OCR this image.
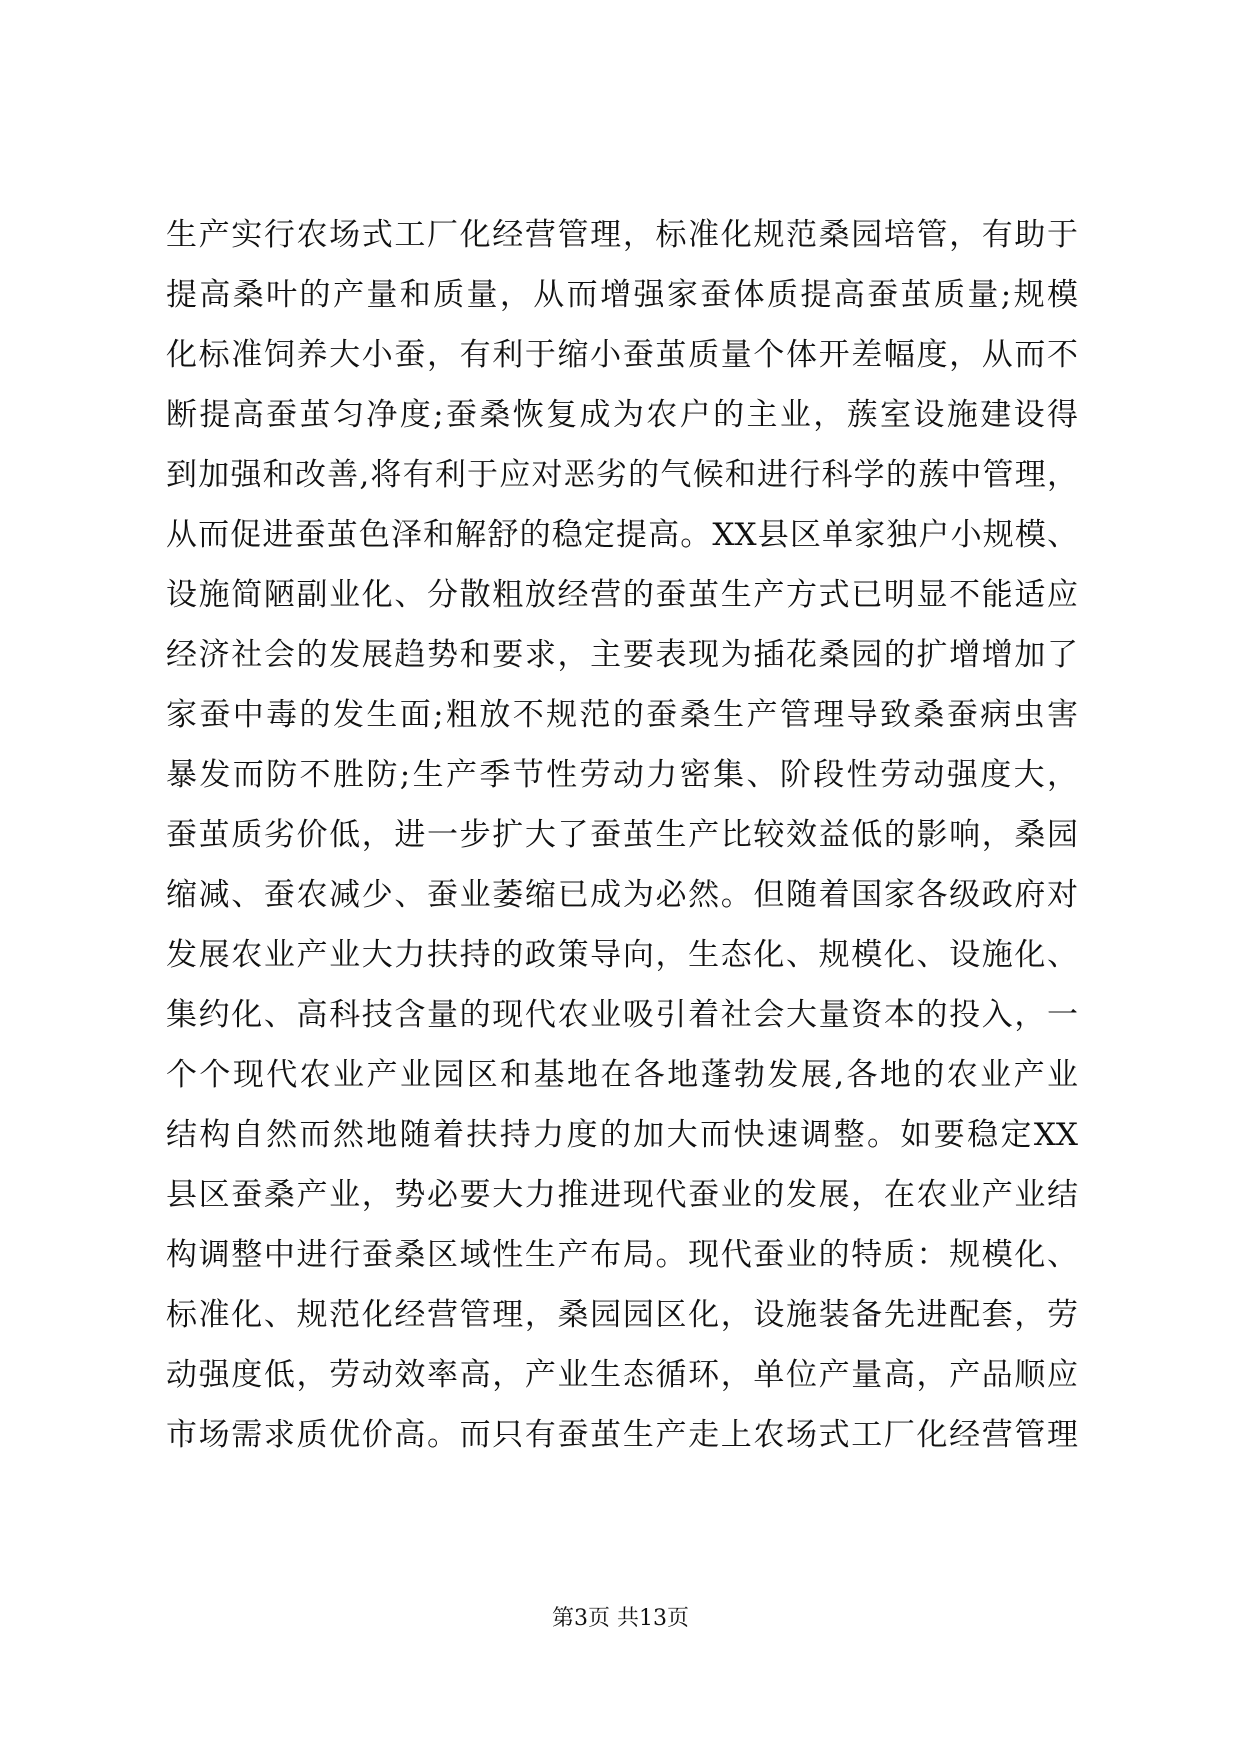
生产实行农场式工厂化经营管理，标准化规范桑园培管，有助于
提高桑叶的产量和质量，从而增强家蚕体质提高蚕茧质量;规模
化标准饲养大小蚕，有利于缩小蚕茧质量个体开差幅度，从而不
断提高蚕茧匀净度;蚕桑恢复成为农户的主业，蔟室设施建设得
到加强和改善,将有利于应对恶劣的气候和进行科学的蔟中管理，
从而促进蚕茧色泽和解舒的稳定提高。XX县区单家独户小规模、
设施简陋副业化、分散粗放经营的蚕茧生产方式已明显不能适应
经济社会的发展趋势和要求，主要表现为插花桑园的扩增增加了
家蚕中毒的发生面;粗放不规范的蚕桑生产管理导致桑蚕病虫害
暴发而防不胜防;生产季节性劳动力密集、阶段性劳动强度大，
蚕茧质劣价低，进一步扩大了蚕茧生产比较效益低的影响，桑园
缩减、蚕农减少、蚕业萎缩已成为必然。但随着国家各级政府对
发展农业产业大力扶持的政策导向，生态化、规模化、设施化、
集约化、高科技含量的现代农业吸引着社会大量资本的投入，一
个个现代农业产业园区和基地在各地蓬勃发展,各地的农业产业
结构自然而然地随着扶持力度的加大而快速调整。如要稳定XX
县区蚕桑产业，势必要大力推进现代蚕业的发展，在农业产业结
构调整中进行蚕桑区域性生产布局。现代蚕业的特质：规模化、
标准化、规范化经营管理，桑园园区化，设施装备先进配套，劳
动强度低，劳动效率高，产业生态循环，单位产量高，产品顺应
市场需求质优价高。而只有蚕茧生产走上农场式工厂化经营管理
第3页 共13页
